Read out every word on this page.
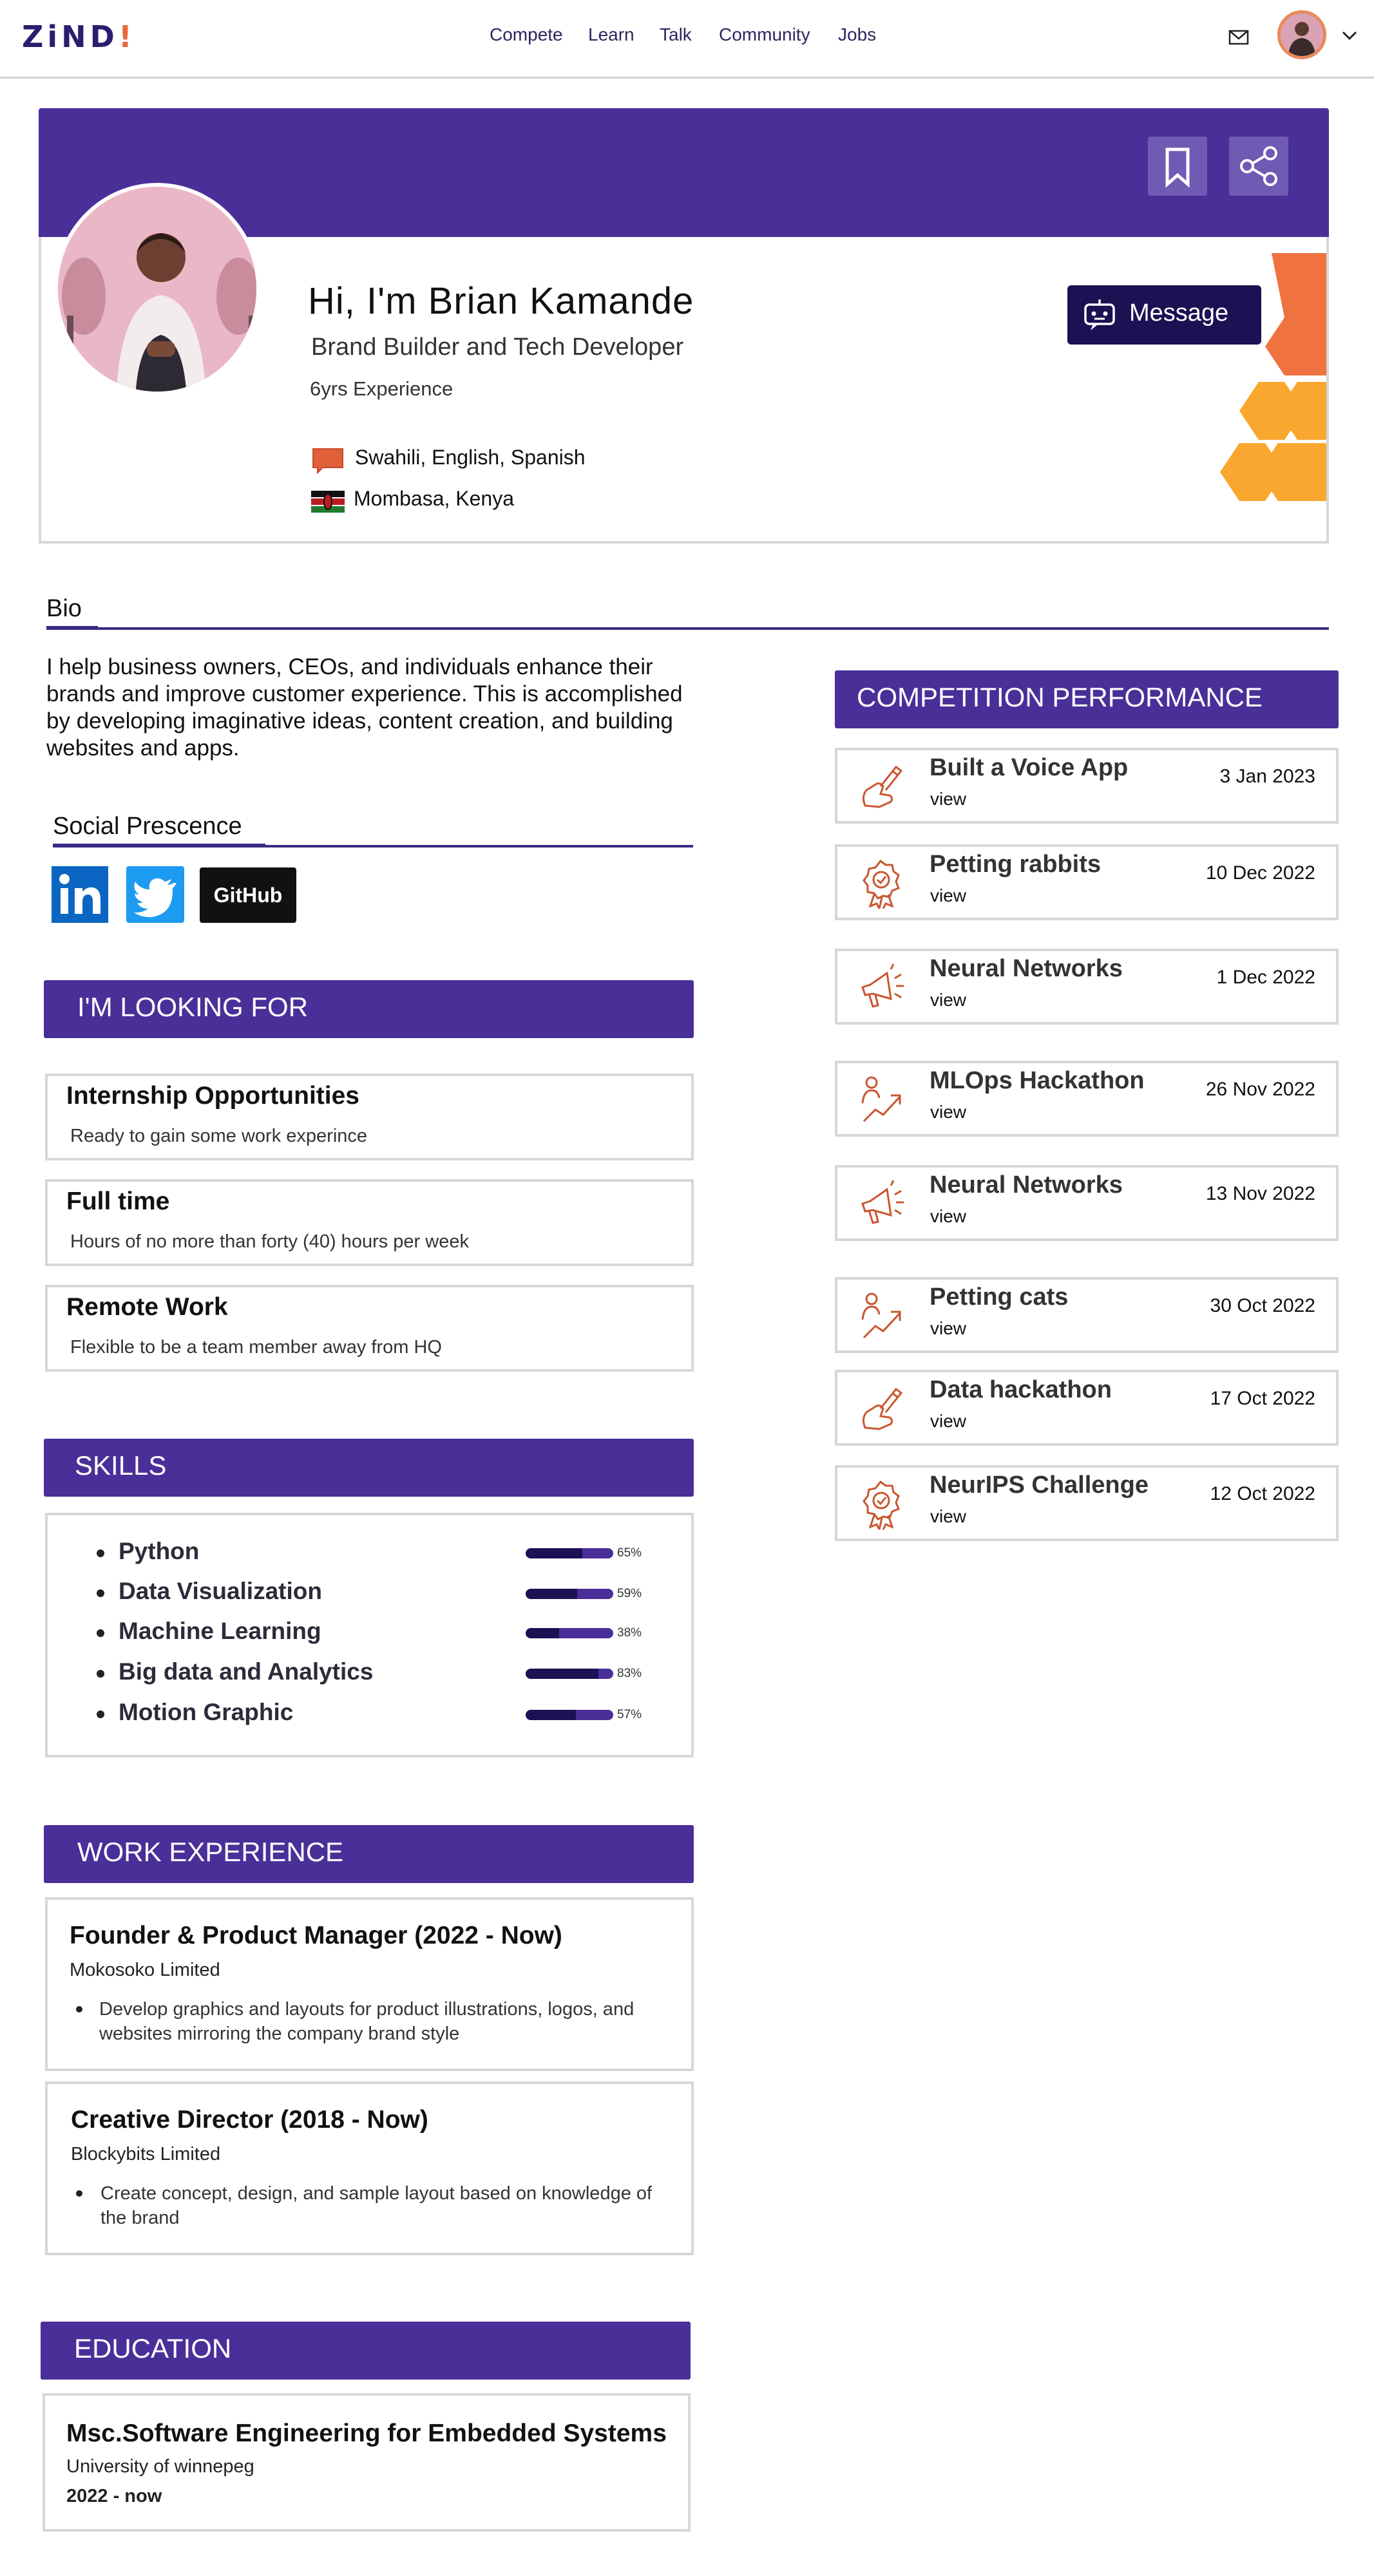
ZiND!	Compete Learn Talk Community Jobs
Hi, I'm Brian Kamande
Brand Builder and Tech Developer
6yrs Experience
Swahili, English, Spanish
Mombasa, Kenya
Message
Bio
I help business owners, CEOs, and individuals enhance their brands and improve customer experience. This is accomplished by developing imaginative ideas, content creation, and building websites and apps.
Social Prescence
GitHub
I'M LOOKING FOR
Internship Opportunities
Ready to gain some work experince
Full time
Hours of no more than forty (40) hours per week
Remote Work
Flexible to be a team member away from HQ
SKILLS
Python	65%
Data Visualization	59%
Machine Learning	38%
Big data and Analytics	83%
Motion Graphic	57%
WORK EXPERIENCE
Founder & Product Manager (2022 - Now)
Mokosoko Limited
Develop graphics and layouts for product illustrations, logos, and websites mirroring the company brand style
Creative Director (2018 - Now)
Blockybits Limited
Create concept, design, and sample layout based on knowledge of the brand
EDUCATION
Msc.Software Engineering for Embedded Systems
University of winnepeg
2022 - now
COMPETITION PERFORMANCE
Built a Voice App
view
3 Jan 2023
Petting rabbits
view
10 Dec 2022
Neural Networks
view
1 Dec 2022
MLOps Hackathon
view
26 Nov 2022
Neural Networks
view
13 Nov 2022
Petting cats
view
30 Oct 2022
Data hackathon
view
17 Oct 2022
NeurIPS Challenge
view
12 Oct 2022
